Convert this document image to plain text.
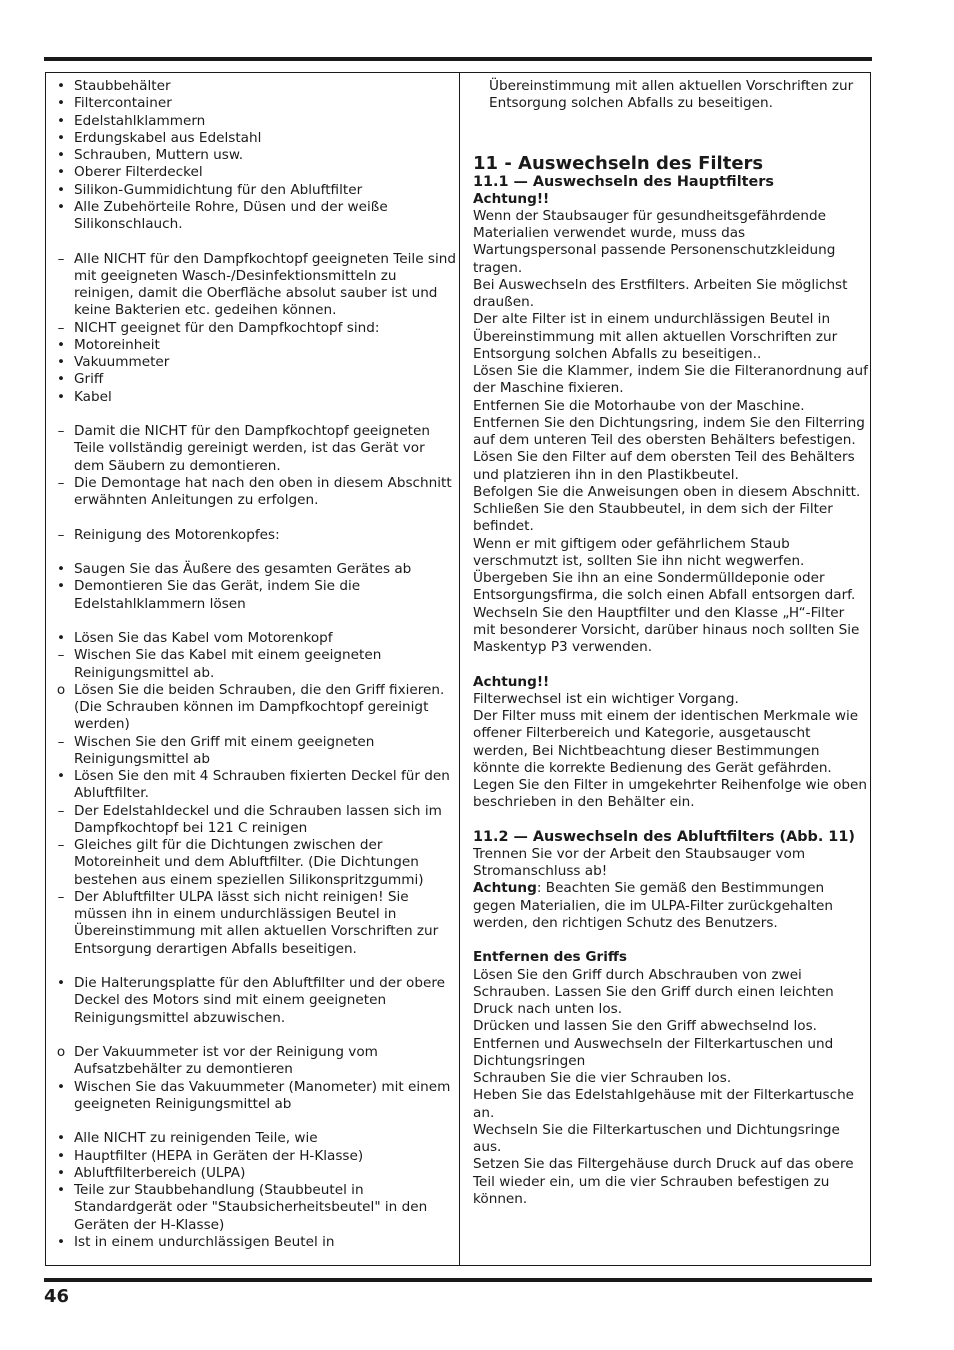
• Staubbehälter
• Filtercontainer
• Edelstahlklammern
• Erdungskabel aus Edelstahl
• Schrauben, Muttern usw.
• Oberer Filterdeckel
• Silikon-Gummidichtung für den Abluftfilter
• Alle Zubehörteile Rohre, Düsen und der weiße Silikonschlauch.
– Alle NICHT für den Dampfkochtopf geeigneten Teile sind mit geeigneten Wasch-/Desinfektionsmitteln zu reinigen, damit die Oberfläche absolut sauber ist und keine Bakterien etc. gedeihen können.
– NICHT geeignet für den Dampfkochtopf sind:
• Motoreinheit
• Vakuummeter
• Griff
• Kabel
– Damit die NICHT für den Dampfkochtopf geeigneten Teile vollständig gereinigt werden, ist das Gerät vor dem Säubern zu demontieren.
– Die Demontage hat nach den oben in diesem Abschnitt erwähnten Anleitungen zu erfolgen.
– Reinigung des Motorenkopfes:
• Saugen Sie das Äußere des gesamten Gerätes ab
• Demontieren Sie das Gerät, indem Sie die Edelstahlklammern lösen
• Lösen Sie das Kabel vom Motorenkopf
– Wischen Sie das Kabel mit einem geeigneten Reinigungsmittel ab.
o Lösen Sie die beiden Schrauben, die den Griff fixieren. (Die Schrauben können im Dampfkochtopf gereinigt werden)
– Wischen Sie den Griff mit einem geeigneten Reinigungsmittel ab
• Lösen Sie den mit 4 Schrauben fixierten Deckel für den Abluftfilter.
– Der Edelstahldeckel und die Schrauben lassen sich im Dampfkochtopf bei 121 C reinigen
– Gleiches gilt für die Dichtungen zwischen der Motoreinheit und dem Abluftfilter. (Die Dichtungen bestehen aus einem speziellen Silikonspritzgummi)
– Der Abluftfilter ULPA lässt sich nicht reinigen! Sie müssen ihn in einem undurchlässigen Beutel in Übereinstimmung mit allen aktuellen Vorschriften zur Entsorgung derartigen Abfalls beseitigen.
• Die Halterungsplatte für den Abluftfilter und der obere Deckel des Motors sind mit einem geeigneten Reinigungsmittel abzuwischen.
o Der Vakuummeter ist vor der Reinigung vom Aufsatzbehälter zu demontieren
• Wischen Sie das Vakuummeter (Manometer) mit einem geeigneten Reinigungsmittel ab
• Alle NICHT zu reinigenden Teile, wie
• Hauptfilter (HEPA in Geräten der H-Klasse)
• Abluftfilterbereich (ULPA)
• Teile zur Staubbehandlung (Staubbeutel in Standardgerät oder "Staubsicherheitsbeutel" in den Geräten der H-Klasse)
• Ist in einem undurchlässigen Beutel in
Übereinstimmung mit allen aktuellen Vorschriften zur Entsorgung solchen Abfalls zu beseitigen.
11 - Auswechseln des Filters
11.1 — Auswechseln des Hauptfilters
Achtung!!
Wenn der Staubsauger für gesundheitsgefährdende Materialien verwendet wurde, muss das Wartungspersonal passende Personenschutzkleidung tragen.
Bei Auswechseln des Erstfilters. Arbeiten Sie möglichst draußen.
Der alte Filter ist in einem undurchlässigen Beutel in Übereinstimmung mit allen aktuellen Vorschriften zur Entsorgung solchen Abfalls zu beseitigen..
Lösen Sie die Klammer, indem Sie die Filteranordnung auf der Maschine fixieren.
Entfernen Sie die Motorhaube von der Maschine.
Entfernen Sie den Dichtungsring, indem Sie den Filterring auf dem unteren Teil des obersten Behälters befestigen.
Lösen Sie den Filter auf dem obersten Teil des Behälters und platzieren ihn in den Plastikbeutel.
Befolgen Sie die Anweisungen oben in diesem Abschnitt.
Schließen Sie den Staubbeutel, in dem sich der Filter befindet.
Wenn er mit giftigem oder gefährlichem Staub verschmutzt ist, sollten Sie ihn nicht wegwerfen. Übergeben Sie ihn an eine Sondermülldeponie oder Entsorgungsfirma, die solch einen Abfall entsorgen darf.
Wechseln Sie den Hauptfilter und den Klasse „H“-Filter mit besonderer Vorsicht, darüber hinaus noch sollten Sie Maskentyp P3 verwenden.
Achtung!!
Filterwechsel ist ein wichtiger Vorgang.
Der Filter muss mit einem der identischen Merkmale wie offener Filterbereich und Kategorie, ausgetauscht werden, Bei Nichtbeachtung dieser Bestimmungen könnte die korrekte Bedienung des Gerät gefährden. Legen Sie den Filter in umgekehrter Reihenfolge wie oben beschrieben in den Behälter ein.
11.2 — Auswechseln des Abluftfilters (Abb. 11)
Trennen Sie vor der Arbeit den Staubsauger vom Stromanschluss ab!
Achtung: Beachten Sie gemäß den Bestimmungen gegen Materialien, die im ULPA-Filter zurückgehalten werden, den richtigen Schutz des Benutzers.
Entfernen des Griffs
Lösen Sie den Griff durch Abschrauben von zwei Schrauben. Lassen Sie den Griff durch einen leichten Druck nach unten los.
Drücken und lassen Sie den Griff abwechselnd los.
Entfernen und Auswechseln der Filterkartuschen und Dichtungsringen
Schrauben Sie die vier Schrauben los.
Heben Sie das Edelstahlgehäuse mit der Filterkartusche an.
Wechseln Sie die Filterkartuschen und Dichtungsringe aus.
Setzen Sie das Filtergehäuse durch Druck auf das obere Teil wieder ein, um die vier Schrauben befestigen zu können.
46
